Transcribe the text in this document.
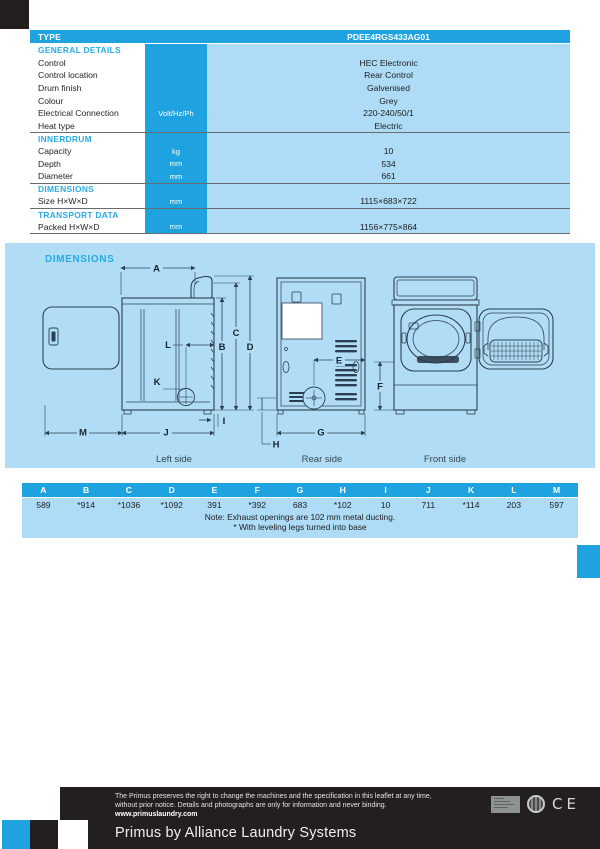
TYPE	PDEE4RGS433AG01
GENERAL DETAILS
Control	HEC Electronic
Control location	Rear Control
Drum finish	Galvenised
Colour	Grey
Electrical Connection	Volt/Hz/Ph	220-240/50/1
Heat type	Electric
INNERDRUM
Capacity	kg	10
Depth	mm	534
Diameter	mm	661
DIMENSIONS
Size H×W×D	mm	1115×683×722
TRANSPORT DATA
Packed H×W×D	mm	1156×775×864
DIMENSIONS
A
B
C
D
E
F
G
H
I
J
K
L
M
Left side	Rear side	Front side
A	B	C	D	E	F	G	H	I	J	K	L	M
589	*914	*1036	*1092	391	*392	683	*102	10	711	*114	203	597
Note: Exhaust openings are 102 mm metal ducting.
* With leveling legs turned into base

The Primus preserves the right to change the machines and the specification in this leaflet at any time,
without prior notice. Details and photographs are only for information and never binding.

www.primuslaundry.com
Primus by Alliance Laundry Systems
CE
